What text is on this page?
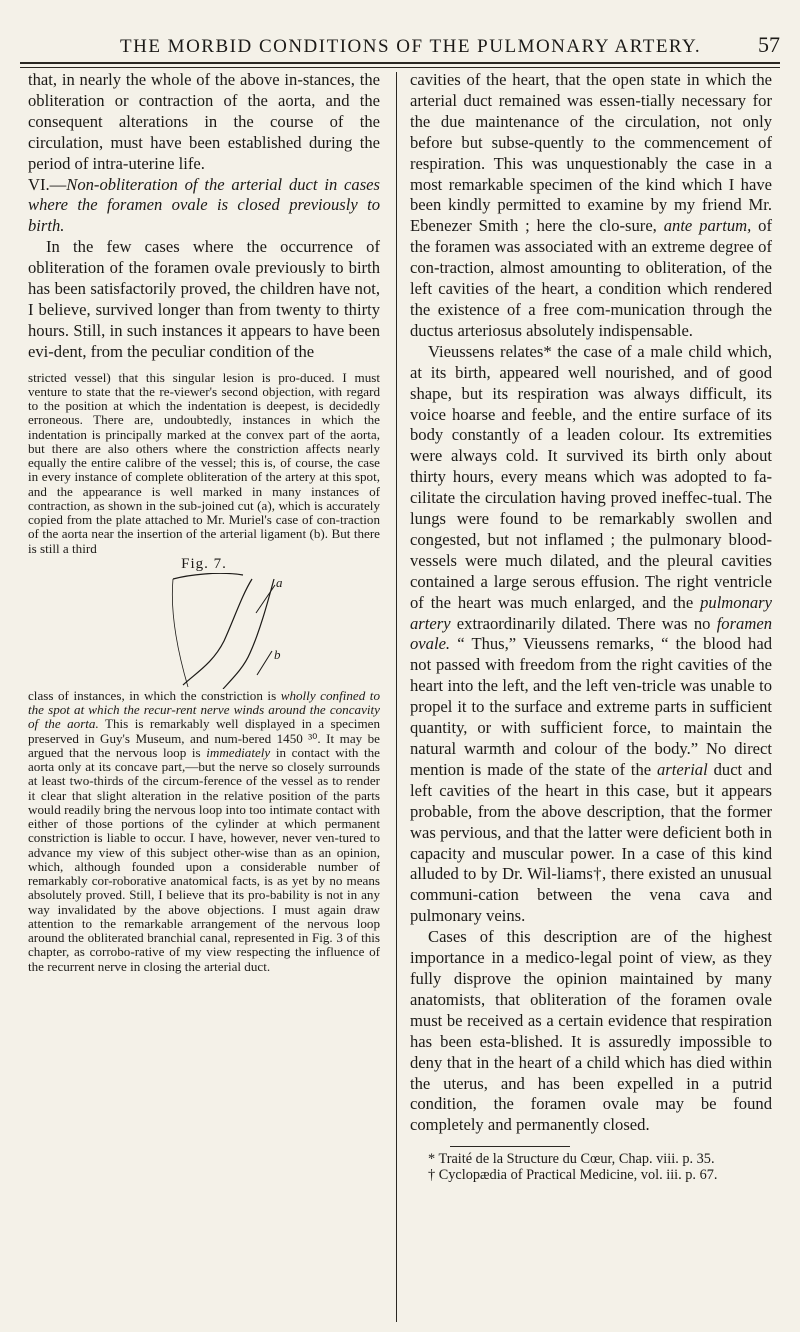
THE MORBID CONDITIONS OF THE PULMONARY ARTERY.	57

that, in nearly the whole of the above in-stances, the obliteration or contraction of the aorta, and the consequent alterations in the course of the circulation, must have been established during the period of intra-uterine life.

VI.—Non-obliteration of the arterial duct in cases where the foramen ovale is closed previously to birth.

In the few cases where the occurrence of obliteration of the foramen ovale previously to birth has been satisfactorily proved, the children have not, I believe, survived longer than from twenty to thirty hours. Still, in such instances it appears to have been evi-dent, from the peculiar condition of the

stricted vessel) that this singular lesion is pro-duced. I must venture to state that the re-viewer's second objection, with regard to the position at which the indentation is deepest, is decidedly erroneous. There are, undoubtedly, instances in which the indentation is principally marked at the convex part of the aorta, but there are also others where the constriction affects nearly equally the entire calibre of the vessel; this is, of course, the case in every instance of complete obliteration of the artery at this spot, and the appearance is well marked in many instances of contraction, as shown in the sub-joined cut (a), which is accurately copied from the plate attached to Mr. Muriel's case of con-traction of the aorta near the insertion of the arterial ligament (b). But there is still a third

Fig. 7.

a
b

class of instances, in which the constriction is wholly confined to the spot at which the recur-rent nerve winds around the concavity of the aorta. This is remarkably well displayed in a specimen preserved in Guy's Museum, and num-bered 1450 ³⁰. It may be argued that the nervous loop is immediately in contact with the aorta only at its concave part,—but the nerve so closely surrounds at least two-thirds of the circum-ference of the vessel as to render it clear that slight alteration in the relative position of the parts would readily bring the nervous loop into too intimate contact with either of those portions of the cylinder at which permanent constriction is liable to occur. I have, however, never ven-tured to advance my view of this subject other-wise than as an opinion, which, although founded upon a considerable number of remarkably cor-roborative anatomical facts, is as yet by no means absolutely proved. Still, I believe that its pro-bability is not in any way invalidated by the above objections. I must again draw attention to the remarkable arrangement of the nervous loop around the obliterated branchial canal, represented in Fig. 3 of this chapter, as corrobo-rative of my view respecting the influence of the recurrent nerve in closing the arterial duct.

cavities of the heart, that the open state in which the arterial duct remained was essen-tially necessary for the due maintenance of the circulation, not only before but subse-quently to the commencement of respiration. This was unquestionably the case in a most remarkable specimen of the kind which I have been kindly permitted to examine by my friend Mr. Ebenezer Smith ; here the clo-sure, ante partum, of the foramen was associated with an extreme degree of con-traction, almost amounting to obliteration, of the left cavities of the heart, a condition which rendered the existence of a free com-munication through the ductus arteriosus absolutely indispensable.

Vieussens relates* the case of a male child which, at its birth, appeared well nourished, and of good shape, but its respiration was always difficult, its voice hoarse and feeble, and the entire surface of its body constantly of a leaden colour. Its extremities were always cold. It survived its birth only about thirty hours, every means which was adopted to fa-cilitate the circulation having proved ineffec-tual. The lungs were found to be remarkably swollen and congested, but not inflamed ; the pulmonary blood-vessels were much dilated, and the pleural cavities contained a large serous effusion. The right ventricle of the heart was much enlarged, and the pulmonary artery extraordinarily dilated. There was no foramen ovale. “ Thus,” Vieussens remarks, “ the blood had not passed with freedom from the right cavities of the heart into the left, and the left ven-tricle was unable to propel it to the surface and extreme parts in sufficient quantity, or with sufficient force, to maintain the natural warmth and colour of the body.” No direct mention is made of the state of the arterial duct and left cavities of the heart in this case, but it appears probable, from the above description, that the former was pervious, and that the latter were deficient both in capacity and muscular power. In a case of this kind alluded to by Dr. Wil-liams†, there existed an unusual communi-cation between the vena cava and pulmonary veins.

Cases of this description are of the highest importance in a medico-legal point of view, as they fully disprove the opinion maintained by many anatomists, that obliteration of the foramen ovale must be received as a certain evidence that respiration has been esta-blished. It is assuredly impossible to deny that in the heart of a child which has died within the uterus, and has been expelled in a putrid condition, the foramen ovale may be found completely and permanently closed.

* Traité de la Structure du Cœur, Chap. viii. p. 35.

† Cyclopædia of Practical Medicine, vol. iii. p. 67.
